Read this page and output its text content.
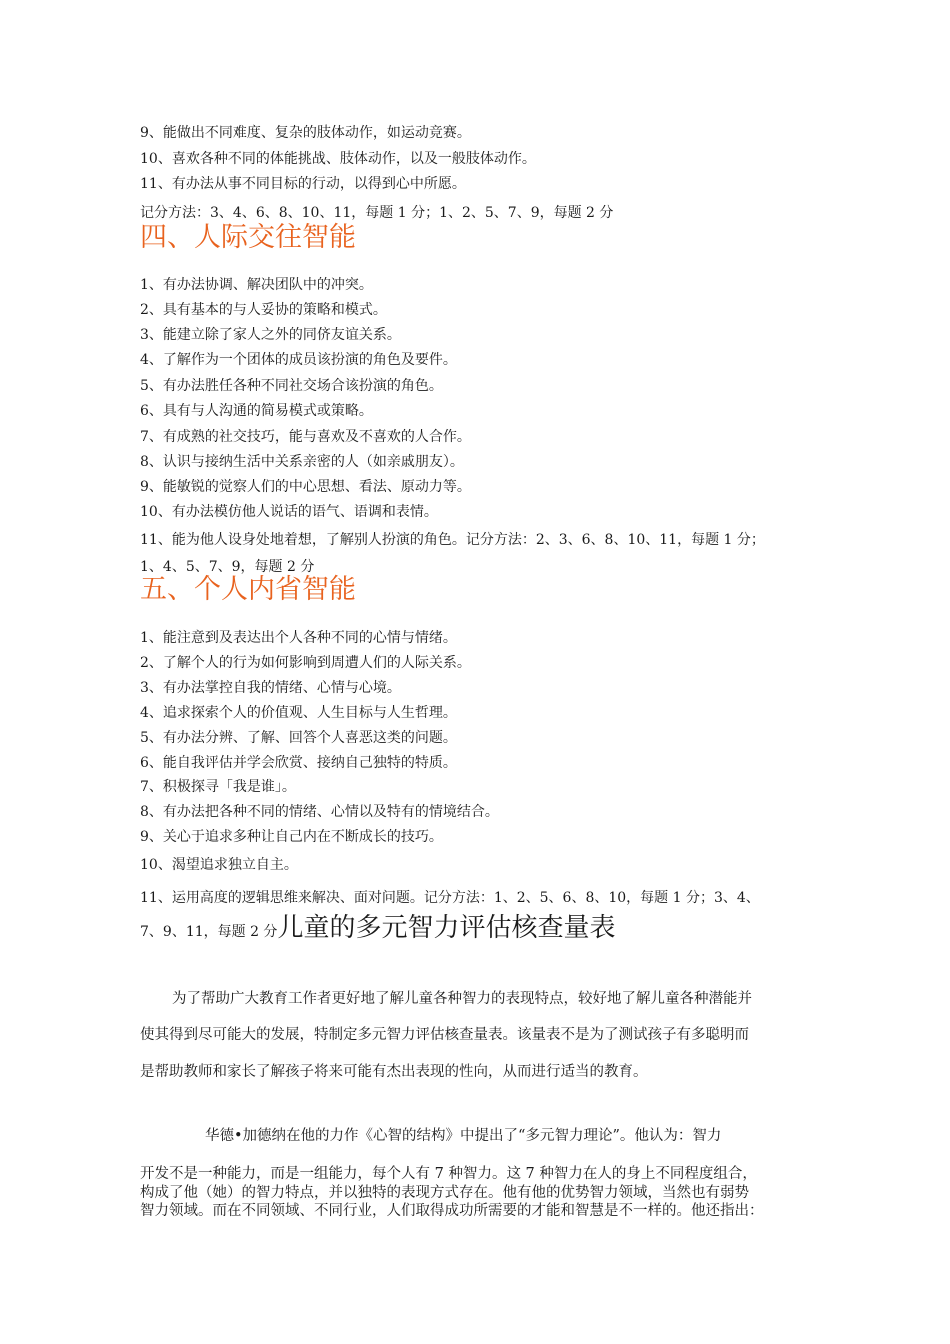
9、能做出不同难度、复杂的肢体动作，如运动竞赛。
10、喜欢各种不同的体能挑战、肢体动作，以及一般肢体动作。
11、有办法从事不同目标的行动，以得到心中所愿。
记分方法：3、4、6、8、10、11，每题 1 分；1、2、5、7、9，每题 2 分
四、人际交往智能
1、有办法协调、解决团队中的冲突。
2、具有基本的与人妥协的策略和模式。
3、能建立除了家人之外的同侪友谊关系。
4、了解作为一个团体的成员该扮演的角色及要件。
5、有办法胜任各种不同社交场合该扮演的角色。
6、具有与人沟通的简易模式或策略。
7、有成熟的社交技巧，能与喜欢及不喜欢的人合作。
8、认识与接纳生活中关系亲密的人（如亲戚朋友）。
9、能敏锐的觉察人们的中心思想、看法、原动力等。
10、有办法模仿他人说话的语气、语调和表情。
11、能为他人设身处地着想，了解别人扮演的角色。记分方法：2、3、6、8、10、11，每题 1 分；
1、4、5、7、9，每题 2 分
五、个人内省智能
1、能注意到及表达出个人各种不同的心情与情绪。
2、了解个人的行为如何影响到周遭人们的人际关系。
3、有办法掌控自我的情绪、心情与心境。
4、追求探索个人的价值观、人生目标与人生哲理。
5、有办法分辨、了解、回答个人喜恶这类的问题。
6、能自我评估并学会欣赏、接纳自己独特的特质。
7、积极探寻「我是谁」。
8、有办法把各种不同的情绪、心情以及特有的情境结合。
9、关心于追求多种让自己内在不断成长的技巧。
10、渴望追求独立自主。
11、运用高度的逻辑思维来解决、面对问题。记分方法：1、2、5、6、8、10，每题 1 分；3、4、
7、9、11，每题 2 分儿童的多元智力评估核查量表
为了帮助广大教育工作者更好地了解儿童各种智力的表现特点，较好地了解儿童各种潜能并
使其得到尽可能大的发展，特制定多元智力评估核查量表。该量表不是为了测试孩子有多聪明而
是帮助教师和家长了解孩子将来可能有杰出表现的性向，从而进行适当的教育。
华德•加德纳在他的力作《心智的结构》中提出了“多元智力理论”。他认为：智力
开发不是一种能力，而是一组能力，每个人有 7 种智力。这 7 种智力在人的身上不同程度组合，
构成了他（她）的智力特点，并以独特的表现方式存在。他有他的优势智力领域，当然也有弱势
智力领域。而在不同领域、不同行业，人们取得成功所需要的才能和智慧是不一样的。他还指出：
